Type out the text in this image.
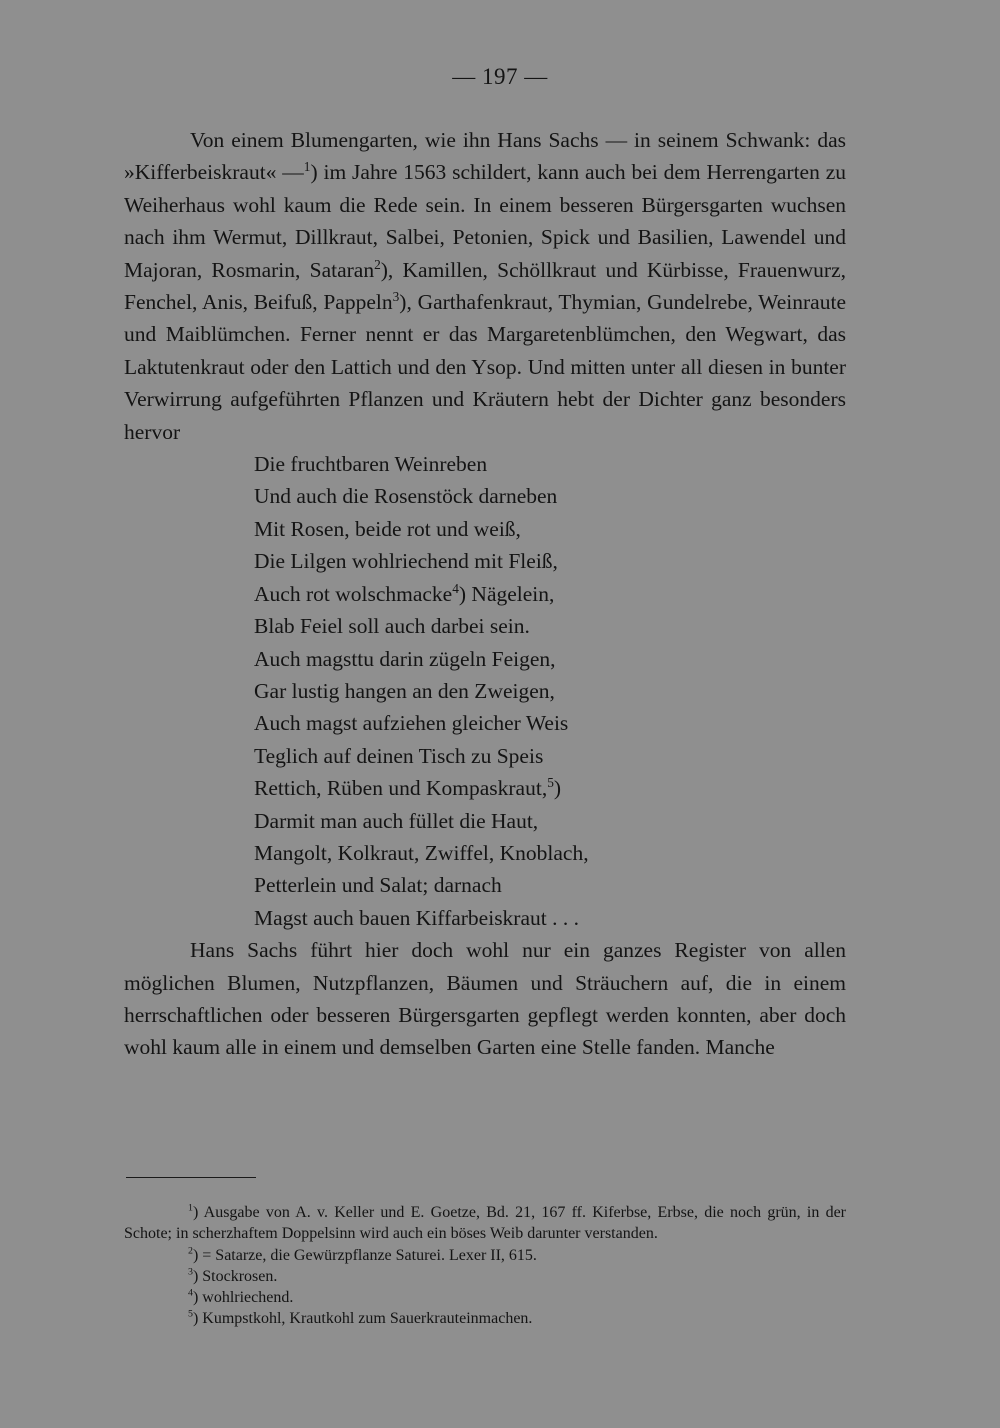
— 197 —

Von einem Blumengarten, wie ihn Hans Sachs — in seinem Schwank: das »Kifferbeiskraut« —$^1$) im Jahre 1563 schildert, kann auch bei dem Herrengarten zu Weiherhaus wohl kaum die Rede sein. In einem besseren Bürgersgarten wuchsen nach ihm Wermut, Dillkraut, Salbei, Petonien, Spick und Basilien, Lawendel und Majoran, Rosmarin, Sataran$^2$), Kamillen, Schöllkraut und Kürbisse, Frauenwurz, Fenchel, Anis, Beifuß, Pappeln$^3$), Garthafenkraut, Thymian, Gundelrebe, Weinraute und Maiblümchen. Ferner nennt er das Margaretenblümchen, den Wegwart, das Laktutenkraut oder den Lattich und den Ysop. Und mitten unter all diesen in bunter Verwirrung aufgeführten Pflanzen und Kräutern hebt der Dichter ganz besonders hervor

Die fruchtbaren Weinreben
Und auch die Rosenstöck darneben
Mit Rosen, beide rot und weiß,
Die Lilgen wohlriechend mit Fleiß,
Auch rot wolschmacke$^4$) Nägelein,
Blab Feiel soll auch darbei sein.
Auch magsttu darin zügeln Feigen,
Gar lustig hangen an den Zweigen,
Auch magst aufziehen gleicher Weis
Teglich auf deinen Tisch zu Speis
Rettich, Rüben und Kompaskraut,$^5$)
Darmit man auch füllet die Haut,
Mangolt, Kolkraut, Zwiffel, Knoblach,
Petterlein und Salat; darnach
Magst auch bauen Kiffarbeiskraut . . .

Hans Sachs führt hier doch wohl nur ein ganzes Register von allen möglichen Blumen, Nutzpflanzen, Bäumen und Sträuchern auf, die in einem herrschaftlichen oder besseren Bürgersgarten gepflegt werden konnten, aber doch wohl kaum alle in einem und demselben Garten eine Stelle fanden. Manche

$^1$) Ausgabe von A. v. Keller und E. Goetze, Bd. 21, 167 ff. Kiferbse, Erbse, die noch grün, in der Schote; in scherzhaftem Doppelsinn wird auch ein böses Weib darunter verstanden.

$^2$) = Satarze, die Gewürzpflanze Saturei. Lexer II, 615.

$^3$) Stockrosen.

$^4$) wohlriechend.

$^5$) Kumpstkohl, Krautkohl zum Sauerkrauteinmachen.
